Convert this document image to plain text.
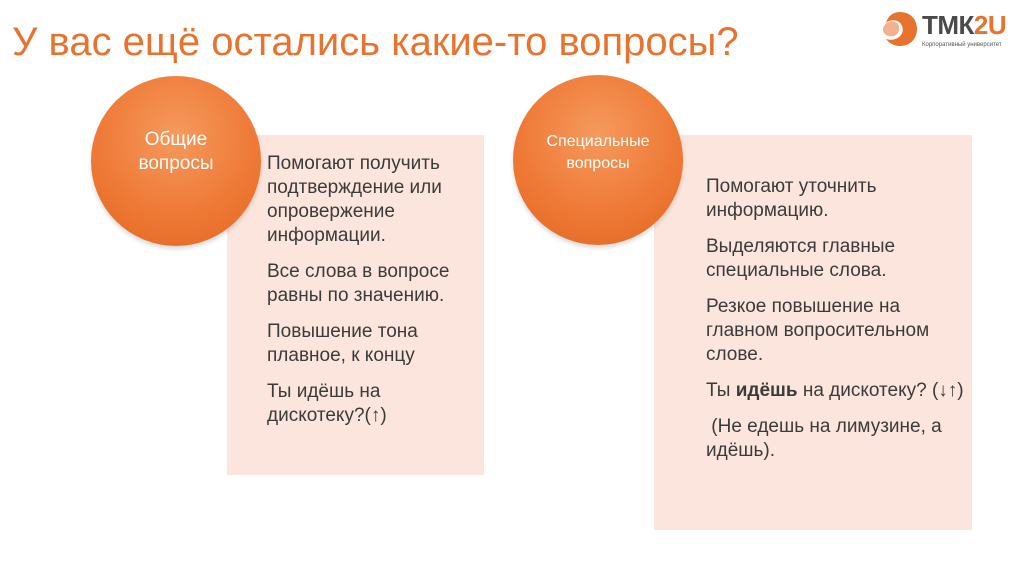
У вас ещё остались какие-то вопросы?	ТМК2U
Корпоративный университет

Помогают получить подтверждение или опровержение информации.

Все слова в вопросе равны по значению.

Повышение тона плавное, к концу

Ты идёшь на дискотеку?(↑)

Общие вопросы

Помогают уточнить информацию.

Выделяются главные специальные слова.

Резкое повышение на главном вопросительном слове.

Ты идёшь на дискотеку? (↓↑)

(Не едешь на лимузине, а идёшь).

Специальные вопросы
